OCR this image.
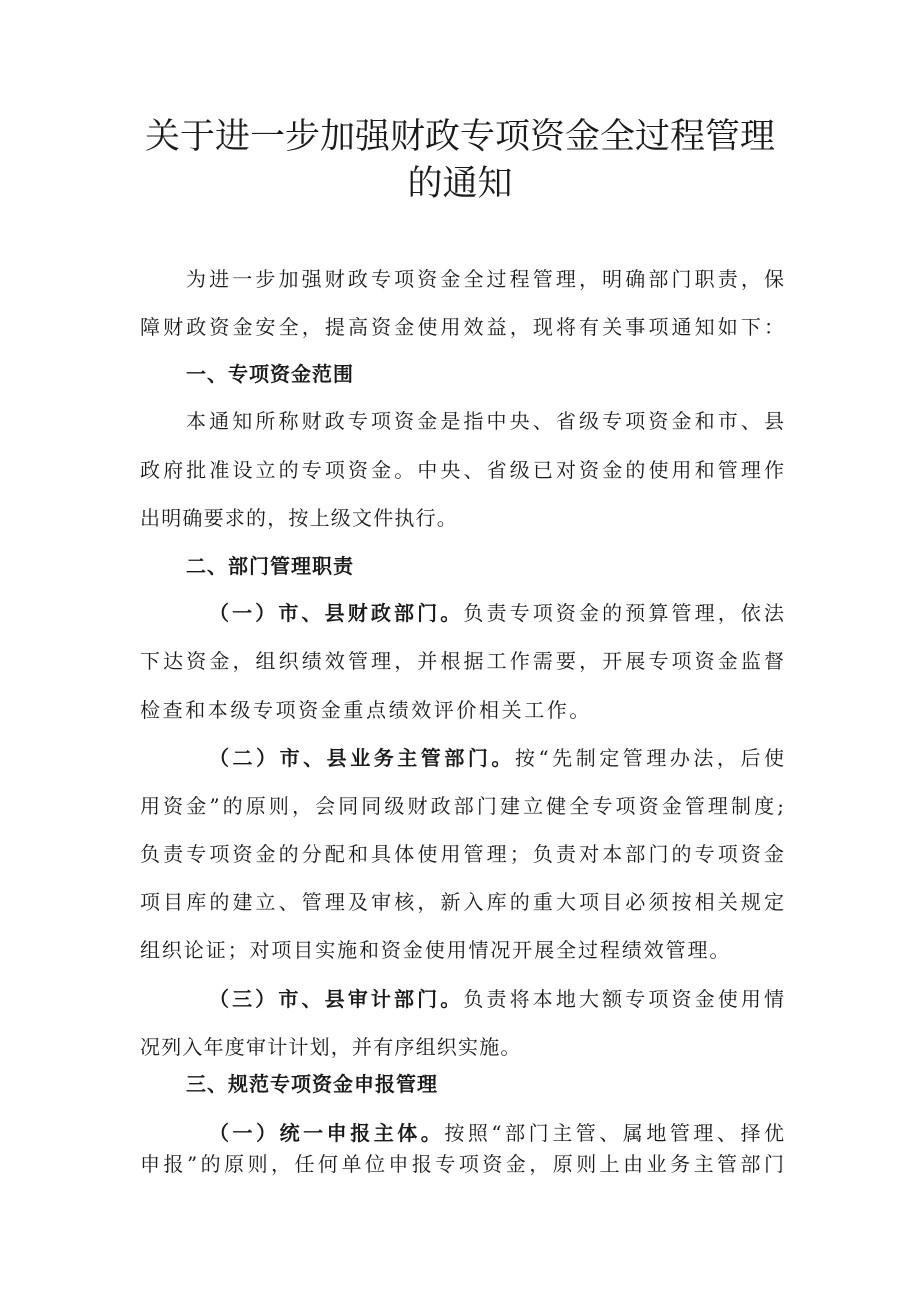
关于进一步加强财政专项资金全过程管理
的通知

为进一步加强财政专项资金全过程管理，明确部门职责，保

障财政资金安全，提高资金使用效益，现将有关事项通知如下：

一、专项资金范围

本通知所称财政专项资金是指中央、省级专项资金和市、县

政府批准设立的专项资金。中央、省级已对资金的使用和管理作

出明确要求的，按上级文件执行。

二、部门管理职责

（一）市、县财政部门。负责专项资金的预算管理，依法

下达资金，组织绩效管理，并根据工作需要，开展专项资金监督

检查和本级专项资金重点绩效评价相关工作。

（二）市、县业务主管部门。按“先制定管理办法，后使

用资金”的原则，会同同级财政部门建立健全专项资金管理制度;

负责专项资金的分配和具体使用管理；负责对本部门的专项资金

项目库的建立、管理及审核，新入库的重大项目必须按相关规定

组织论证；对项目实施和资金使用情况开展全过程绩效管理。

（三）市、县审计部门。负责将本地大额专项资金使用情

况列入年度审计计划，并有序组织实施。

三、规范专项资金申报管理

（一）统一申报主体。按照“部门主管、属地管理、择优

申报”的原则，任何单位申报专项资金，原则上由业务主管部门
